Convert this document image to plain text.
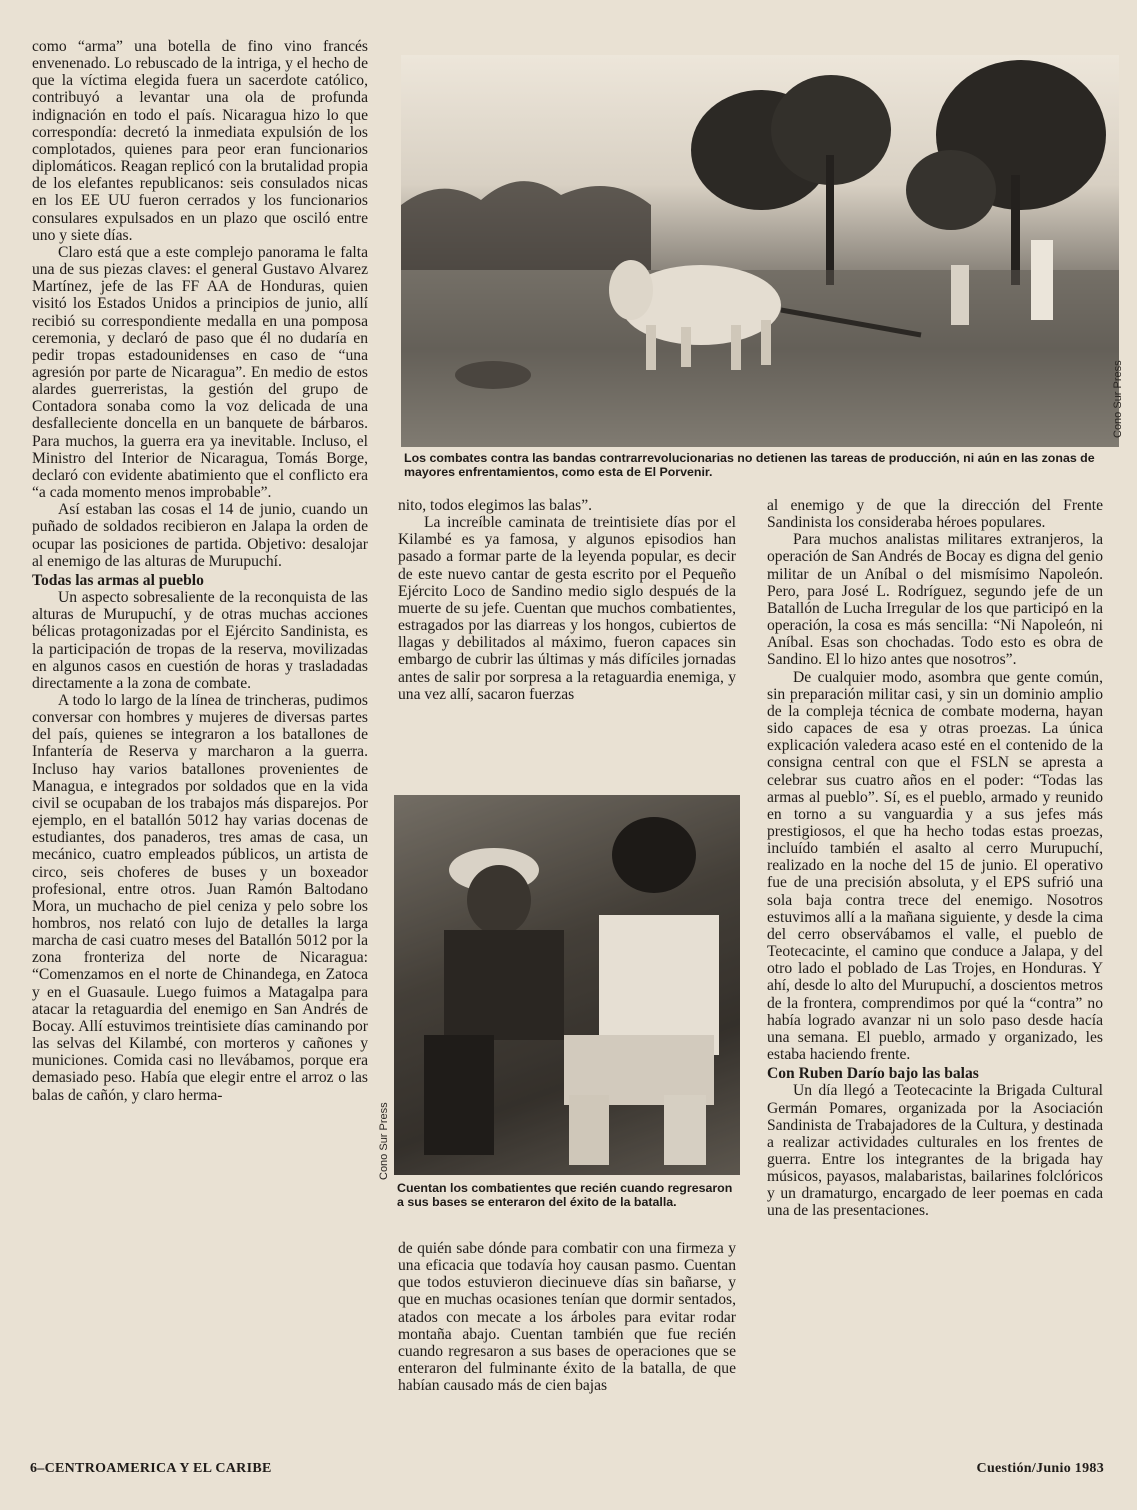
como “arma” una botella de fino vino francés envenenado. Lo rebuscado de la intriga, y el hecho de que la víctima elegida fuera un sacerdote católico, contribuyó a levantar una ola de profunda indignación en todo el país. Nicaragua hizo lo que correspondía: decretó la inmediata expulsión de los complotados, quienes para peor eran funcionarios diplomáticos. Reagan replicó con la brutalidad propia de los elefantes republicanos: seis consulados nicas en los EE UU fueron cerrados y los funcionarios consulares expulsados en un plazo que osciló entre uno y siete días.

Claro está que a este complejo panorama le falta una de sus piezas claves: el general Gustavo Alvarez Martínez, jefe de las FF AA de Honduras, quien visitó los Estados Unidos a principios de junio, allí recibió su correspondiente medalla en una pomposa ceremonia, y declaró de paso que él no dudaría en pedir tropas estadounidenses en caso de “una agresión por parte de Nicaragua”. En medio de estos alardes guerreristas, la gestión del grupo de Contadora sonaba como la voz delicada de una desfalleciente doncella en un banquete de bárbaros. Para muchos, la guerra era ya inevitable. Incluso, el Ministro del Interior de Nicaragua, Tomás Borge, declaró con evidente abatimiento que el conflicto era “a cada momento menos improbable”.

Así estaban las cosas el 14 de junio, cuando un puñado de soldados recibieron en Jalapa la orden de ocupar las posiciones de partida. Objetivo: desalojar al enemigo de las alturas de Murupuchí.

Todas las armas al pueblo

Un aspecto sobresaliente de la reconquista de las alturas de Murupuchí, y de otras muchas acciones bélicas protagonizadas por el Ejército Sandinista, es la participación de tropas de la reserva, movilizadas en algunos casos en cuestión de horas y trasladadas directamente a la zona de combate.

A todo lo largo de la línea de trincheras, pudimos conversar con hombres y mujeres de diversas partes del país, quienes se integraron a los batallones de Infantería de Reserva y marcharon a la guerra. Incluso hay varios batallones provenientes de Managua, e integrados por soldados que en la vida civil se ocupaban de los trabajos más disparejos. Por ejemplo, en el batallón 5012 hay varias docenas de estudiantes, dos panaderos, tres amas de casa, un mecánico, cuatro empleados públicos, un artista de circo, seis choferes de buses y un boxeador profesional, entre otros. Juan Ramón Baltodano Mora, un muchacho de piel ceniza y pelo sobre los hombros, nos relató con lujo de detalles la larga marcha de casi cuatro meses del Batallón 5012 por la zona fronteriza del norte de Nicaragua: “Comenzamos en el norte de Chinandega, en Zatoca y en el Guasaule. Luego fuimos a Matagalpa para atacar la retaguardia del enemigo en San Andrés de Bocay. Allí estuvimos treintisiete días caminando por las selvas del Kilambé, con morteros y cañones y municiones. Comida casi no llevábamos, porque era demasiado peso. Había que elegir entre el arroz o las balas de cañón, y claro herma-

Cono Sur Press
Los combates contra las bandas contrarrevolucionarias no detienen las tareas de producción, ni aún en las zonas de mayores enfrentamientos, como esta de El Porvenir.

nito, todos elegimos las balas”.

La increíble caminata de treintisiete días por el Kilambé es ya famosa, y algunos episodios han pasado a formar parte de la leyenda popular, es decir de este nuevo cantar de gesta escrito por el Pequeño Ejército Loco de Sandino medio siglo después de la muerte de su jefe. Cuentan que muchos combatientes, estragados por las diarreas y los hongos, cubiertos de llagas y debilitados al máximo, fueron capaces sin embargo de cubrir las últimas y más difíciles jornadas antes de salir por sorpresa a la retaguardia enemiga, y una vez allí, sacaron fuerzas

Cono Sur Press
Cuentan los combatientes que recién cuando regresaron a sus bases se enteraron del éxito de la batalla.

de quién sabe dónde para combatir con una firmeza y una eficacia que todavía hoy causan pasmo. Cuentan que todos estuvieron diecinueve días sin bañarse, y que en muchas ocasiones tenían que dormir sentados, atados con mecate a los árboles para evitar rodar montaña abajo. Cuentan también que fue recién cuando regresaron a sus bases de operaciones que se enteraron del fulminante éxito de la batalla, de que habían causado más de cien bajas

al enemigo y de que la dirección del Frente Sandinista los consideraba héroes populares.

Para muchos analistas militares extranjeros, la operación de San Andrés de Bocay es digna del genio militar de un Aníbal o del mismísimo Napoleón. Pero, para José L. Rodríguez, segundo jefe de un Batallón de Lucha Irregular de los que participó en la operación, la cosa es más sencilla: “Ni Napoleón, ni Aníbal. Esas son chochadas. Todo esto es obra de Sandino. El lo hizo antes que nosotros”.

De cualquier modo, asombra que gente común, sin preparación militar casi, y sin un dominio amplio de la compleja técnica de combate moderna, hayan sido capaces de esa y otras proezas. La única explicación valedera acaso esté en el contenido de la consigna central con que el FSLN se apresta a celebrar sus cuatro años en el poder: “Todas las armas al pueblo”. Sí, es el pueblo, armado y reunido en torno a su vanguardia y a sus jefes más prestigiosos, el que ha hecho todas estas proezas, incluído también el asalto al cerro Murupuchí, realizado en la noche del 15 de junio. El operativo fue de una precisión absoluta, y el EPS sufrió una sola baja contra trece del enemigo. Nosotros estuvimos allí a la mañana siguiente, y desde la cima del cerro observábamos el valle, el pueblo de Teotecacinte, el camino que conduce a Jalapa, y del otro lado el poblado de Las Trojes, en Honduras. Y ahí, desde lo alto del Murupuchí, a doscientos metros de la frontera, comprendimos por qué la “contra” no había logrado avanzar ni un solo paso desde hacía una semana. El pueblo, armado y organizado, les estaba haciendo frente.

Con Ruben Darío bajo las balas

Un día llegó a Teotecacinte la Brigada Cultural Germán Pomares, organizada por la Asociación Sandinista de Trabajadores de la Cultura, y destinada a realizar actividades culturales en los frentes de guerra. Entre los integrantes de la brigada hay músicos, payasos, malabaristas, bailarines folclóricos y un dramaturgo, encargado de leer poemas en cada una de las presentaciones.

6–CENTROAMERICA Y EL CARIBE	Cuestión/Junio 1983
